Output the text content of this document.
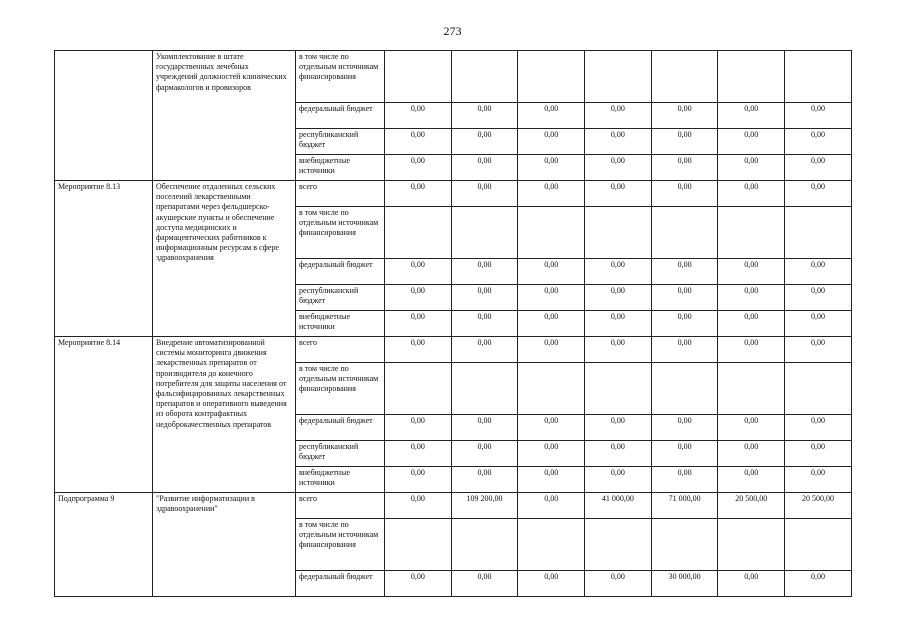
273
	Укомплектование в штате государственных лечебных учреждений должностей клинических фармакологов и провизоров	в том числе по отдельным источникам финансирования							
		федеральный бюджет	0,00	0,00	0,00	0,00	0,00	0,00	0,00
		республиканский бюджет	0,00	0,00	0,00	0,00	0,00	0,00	0,00
		внебюджетные источники	0,00	0,00	0,00	0,00	0,00	0,00	0,00
Мероприятие 8.13	Обеспечение отдаленных сельских поселений лекарственными препаратами через фельдшерско-акушерские пункты и обеспечение доступа медицинских и фармацевтических работников к информационным ресурсам в сфере здравоохранения	всего	0,00	0,00	0,00	0,00	0,00	0,00	0,00
		в том числе по отдельным источникам финансирования							
		федеральный бюджет	0,00	0,00	0,00	0,00	0,00	0,00	0,00
		республиканский бюджет	0,00	0,00	0,00	0,00	0,00	0,00	0,00
		внебюджетные источники	0,00	0,00	0,00	0,00	0,00	0,00	0,00
Мероприятие 8.14	Внедрение автоматизированной системы мониторинга движения лекарственных препаратов от производителя до конечного потребителя для защиты населения от фальсифицированных лекарственных препаратов и оперативного выведения из оборота контрафактных недоброкачественных препаратов	всего	0,00	0,00	0,00	0,00	0,00	0,00	0,00
		в том числе по отдельным источникам финансирования							
		федеральный бюджет	0,00	0,00	0,00	0,00	0,00	0,00	0,00
		республиканский бюджет	0,00	0,00	0,00	0,00	0,00	0,00	0,00
		внебюджетные источники	0,00	0,00	0,00	0,00	0,00	0,00	0,00
Подпрограмма 9	"Развитие информатизации в здравоохранении"	всего	0,00	109 200,00	0,00	41 000,00	71 000,00	20 500,00	20 500,00
		в том числе по отдельным источникам финансирования							
		федеральный бюджет	0,00	0,00	0,00	0,00	30 000,00	0,00	0,00
